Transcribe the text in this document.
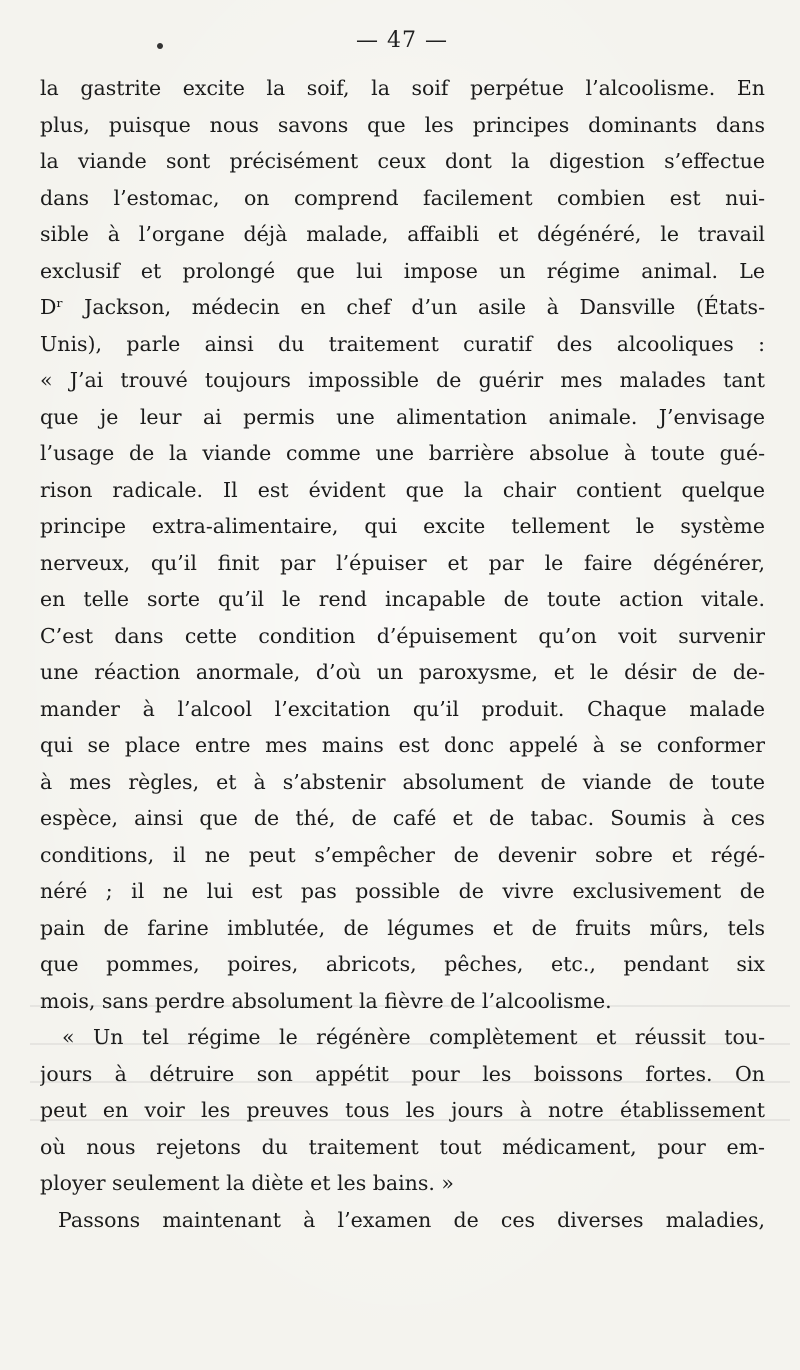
— 47 —
la gastrite excite la soif, la soif perpétue l’alcoolisme. En
plus, puisque nous savons que les principes dominants dans
la viande sont précisément ceux dont la digestion s’effectue
dans l’estomac, on comprend facilement combien est nui-
sible à l’organe déjà malade, affaibli et dégénéré, le travail
exclusif et prolongé que lui impose un régime animal. Le
Dʳ Jackson, médecin en chef d’un asile à Dansville (États-
Unis), parle ainsi du traitement curatif des alcooliques :
« J’ai trouvé toujours impossible de guérir mes malades tant
que je leur ai permis une alimentation animale. J’envisage
l’usage de la viande comme une barrière absolue à toute gué-
rison radicale. Il est évident que la chair contient quelque
principe extra-alimentaire, qui excite tellement le système
nerveux, qu’il finit par l’épuiser et par le faire dégénérer,
en telle sorte qu’il le rend incapable de toute action vitale.
C’est dans cette condition d’épuisement qu’on voit survenir
une réaction anormale, d’où un paroxysme, et le désir de de-
mander à l’alcool l’excitation qu’il produit. Chaque malade
qui se place entre mes mains est donc appelé à se conformer
à mes règles, et à s’abstenir absolument de viande de toute
espèce, ainsi que de thé, de café et de tabac. Soumis à ces
conditions, il ne peut s’empêcher de devenir sobre et régé-
néré ; il ne lui est pas possible de vivre exclusivement de
pain de farine imblutée, de légumes et de fruits mûrs, tels
que pommes, poires, abricots, pêches, etc., pendant six
mois, sans perdre absolument la fièvre de l’alcoolisme.
« Un tel régime le régénère complètement et réussit tou-
jours à détruire son appétit pour les boissons fortes. On
peut en voir les preuves tous les jours à notre établissement
où nous rejetons du traitement tout médicament, pour em-
ployer seulement la diète et les bains. »
Passons maintenant à l’examen de ces diverses maladies,
